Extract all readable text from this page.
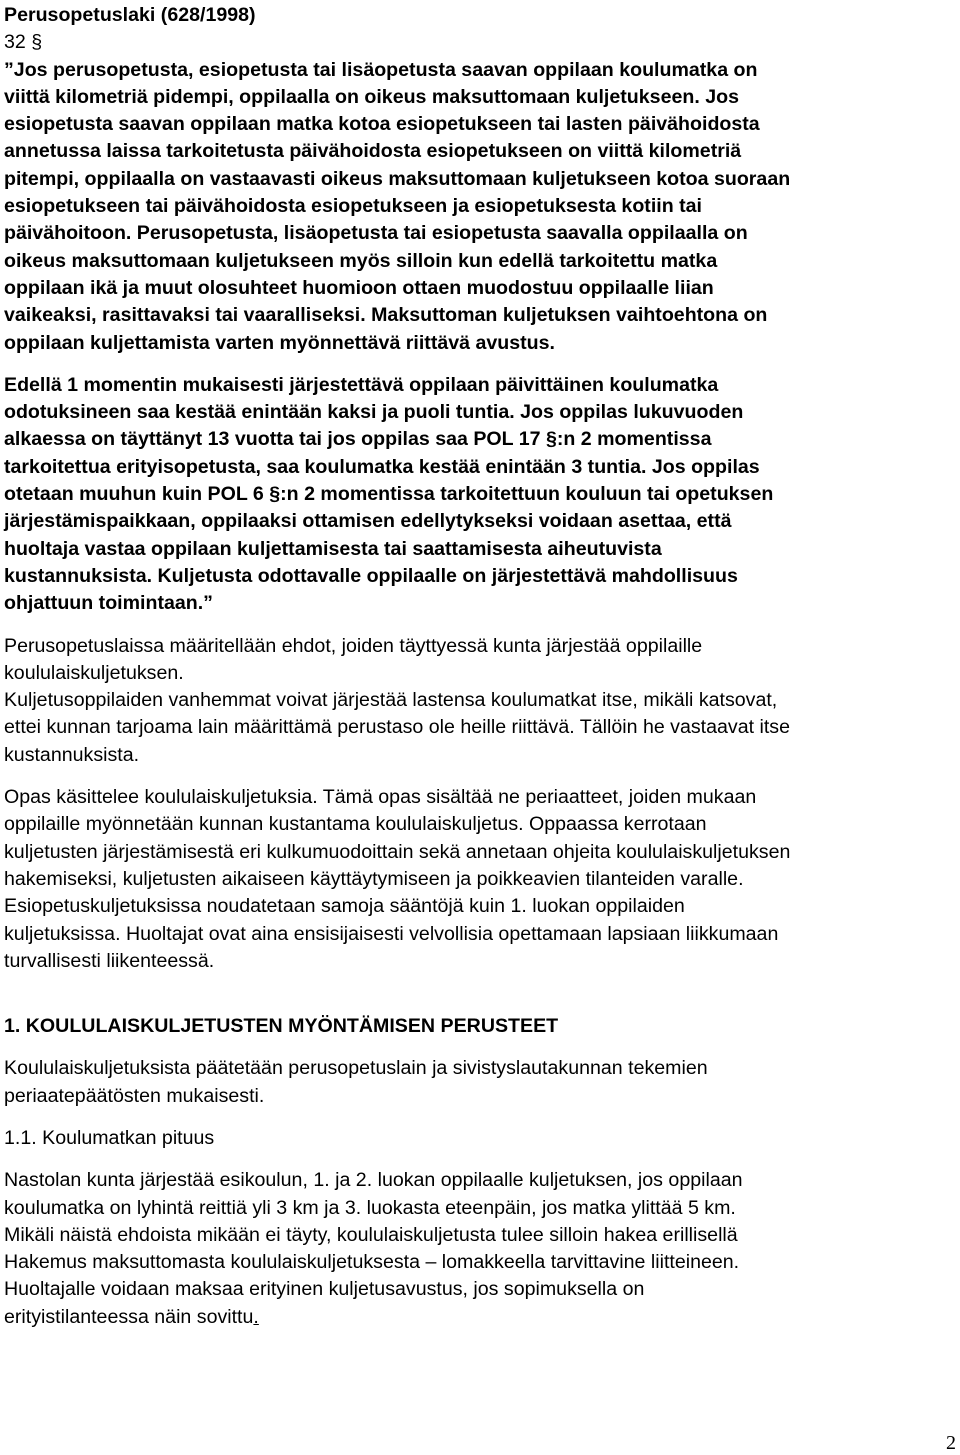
Perusopetuslaki (628/1998)
32 §
”Jos perusopetusta, esiopetusta tai lisäopetusta saavan oppilaan koulumatka on
viittä kilometriä pidempi, oppilaalla on oikeus maksuttomaan kuljetukseen. Jos
esiopetusta saavan oppilaan matka kotoa esiopetukseen tai lasten päivähoidosta
annetussa laissa tarkoitetusta päivähoidosta esiopetukseen on viittä kilometriä
pitempi, oppilaalla on vastaavasti oikeus maksuttomaan kuljetukseen kotoa suoraan
esiopetukseen tai päivähoidosta esiopetukseen ja esiopetuksesta kotiin tai
päivähoitoon. Perusopetusta, lisäopetusta tai esiopetusta saavalla oppilaalla on
oikeus maksuttomaan kuljetukseen myös silloin kun edellä tarkoitettu matka
oppilaan ikä ja muut olosuhteet huomioon ottaen muodostuu oppilaalle liian
vaikeaksi, rasittavaksi tai vaaralliseksi. Maksuttoman kuljetuksen vaihtoehtona on
oppilaan kuljettamista varten myönnettävä riittävä avustus.
Edellä 1 momentin mukaisesti järjestettävä oppilaan päivittäinen koulumatka
odotuksineen saa kestää enintään kaksi ja puoli tuntia. Jos oppilas lukuvuoden
alkaessa on täyttänyt 13 vuotta tai jos oppilas saa POL 17 §:n 2 momentissa
tarkoitettua erityisopetusta, saa koulumatka kestää enintään 3 tuntia. Jos oppilas
otetaan muuhun kuin POL 6 §:n 2 momentissa tarkoitettuun kouluun tai opetuksen
järjestämispaikkaan, oppilaaksi ottamisen edellytykseksi voidaan asettaa, että
huoltaja vastaa oppilaan kuljettamisesta tai saattamisesta aiheutuvista
kustannuksista. Kuljetusta odottavalle oppilaalle on järjestettävä mahdollisuus
ohjattuun toimintaan.”
Perusopetuslaissa määritellään ehdot, joiden täyttyessä kunta järjestää oppilaille
koululaiskuljetuksen.
Kuljetusoppilaiden vanhemmat voivat järjestää lastensa koulumatkat itse, mikäli katsovat,
ettei kunnan tarjoama lain määrittämä perustaso ole heille riittävä. Tällöin he vastaavat itse
kustannuksista.
Opas käsittelee koululaiskuljetuksia. Tämä opas sisältää ne periaatteet, joiden mukaan
oppilaille myönnetään kunnan kustantama koululaiskuljetus. Oppaassa kerrotaan
kuljetusten järjestämisestä eri kulkumuodoittain sekä annetaan ohjeita koululaiskuljetuksen
hakemiseksi, kuljetusten aikaiseen käyttäytymiseen ja poikkeavien tilanteiden varalle.
Esiopetuskuljetuksissa noudatetaan samoja sääntöjä kuin 1. luokan oppilaiden
kuljetuksissa. Huoltajat ovat aina ensisijaisesti velvollisia opettamaan lapsiaan liikkumaan
turvallisesti liikenteessä.
1. KOULULAISKULJETUSTEN MYÖNTÄMISEN PERUSTEET
Koululaiskuljetuksista päätetään perusopetuslain ja sivistyslautakunnan tekemien
periaatepäätösten mukaisesti.
1.1. Koulumatkan pituus
Nastolan kunta järjestää esikoulun, 1. ja 2. luokan oppilaalle kuljetuksen, jos oppilaan
koulumatka on lyhintä reittiä yli 3 km ja 3. luokasta eteenpäin, jos matka ylittää 5 km.
Mikäli näistä ehdoista mikään ei täyty, koululaiskuljetusta tulee silloin hakea erillisellä
Hakemus maksuttomasta koululaiskuljetuksesta – lomakkeella tarvittavine liitteineen.
Huoltajalle voidaan maksaa erityinen kuljetusavustus, jos sopimuksella on
erityistilanteessa näin sovittu.
2
